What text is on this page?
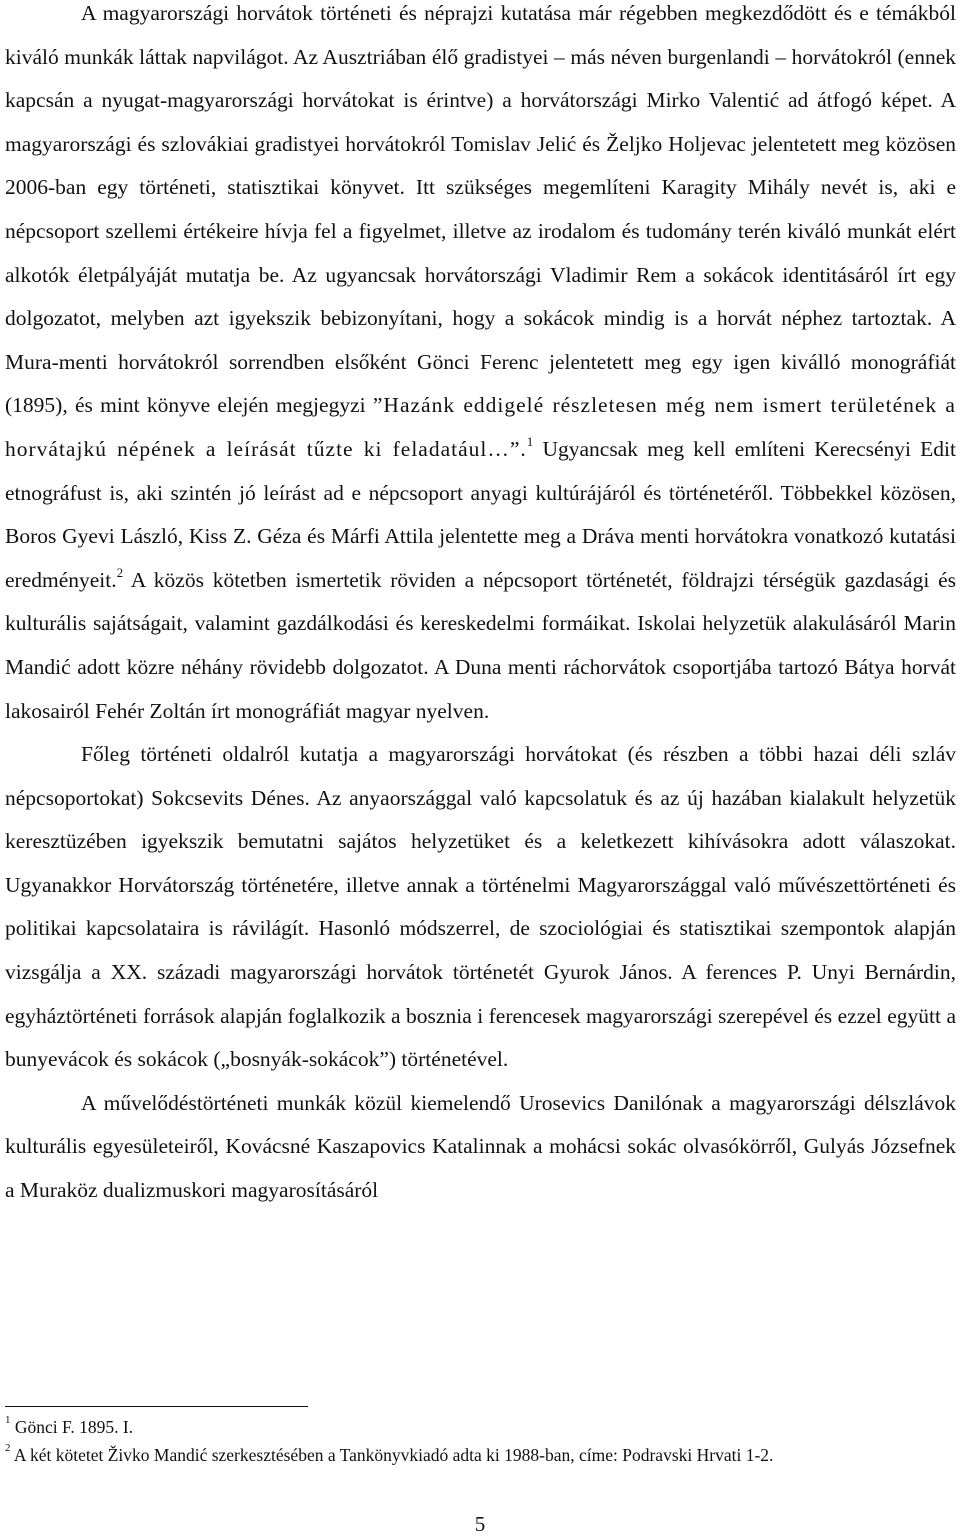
A magyarországi horvátok történeti és néprajzi kutatása már régebben megkezdődött és e témákból kiváló munkák láttak napvilágot. Az Ausztriában élő gradistyei – más néven burgenlandi – horvátokról (ennek kapcsán a nyugat-magyarországi horvátokat is érintve) a horvátországi Mirko Valentić ad átfogó képet. A magyarországi és szlovákiai gradistyei horvátokról Tomislav Jelić és Željko Holjevac jelentetett meg közösen 2006-ban egy történeti, statisztikai könyvet. Itt szükséges megemlíteni Karagity Mihály nevét is, aki e népcsoport szellemi értékeire hívja fel a figyelmet, illetve az irodalom és tudomány terén kiváló munkát elért alkotók életpályáját mutatja be. Az ugyancsak horvátországi Vladimir Rem a sokácok identitásáról írt egy dolgozatot, melyben azt igyekszik bebizonyítani, hogy a sokácok mindig is a horvát néphez tartoztak. A Mura-menti horvátokról sorrendben elsőként Gönci Ferenc jelentetett meg egy igen kiválló monográfiát (1895), és mint könyve elején megjegyzi ”Hazánk eddigelé részletesen még nem ismert területének a horvátajkú népének a leírását tűzte ki feladatául…”.$^1$ Ugyancsak meg kell említeni Kerecsényi Edit etnográfust is, aki szintén jó leírást ad e népcsoport anyagi kultúrájáról és történetéről. Többekkel közösen, Boros Gyevi László, Kiss Z. Géza és Márfi Attila jelentette meg a Dráva menti horvátokra vonatkozó kutatási eredményeit.$^2$ A közös kötetben ismertetik röviden a népcsoport történetét, földrajzi térségük gazdasági és kulturális sajátságait, valamint gazdálkodási és kereskedelmi formáikat. Iskolai helyzetük alakulásáról Marin Mandić adott közre néhány rövidebb dolgozatot. A Duna menti ráchorvátok csoportjába tartozó Bátya horvát lakosairól Fehér Zoltán írt monográfiát magyar nyelven.

Főleg történeti oldalról kutatja a magyarországi horvátokat (és részben a többi hazai déli szláv népcsoportokat) Sokcsevits Dénes. Az anyaországgal való kapcsolatuk és az új hazában kialakult helyzetük keresztüzében igyekszik bemutatni sajátos helyzetüket és a keletkezett kihívásokra adott válaszokat. Ugyanakkor Horvátország történetére, illetve annak a történelmi Magyarországgal való művészettörténeti és politikai kapcsolataira is rávilágít. Hasonló módszerrel, de szociológiai és statisztikai szempontok alapján vizsgálja a XX. századi magyarországi horvátok történetét Gyurok János. A ferences P. Unyi Bernárdin, egyháztörténeti források alapján foglalkozik a bosznia i ferencesek magyarországi szerepével és ezzel együtt a bunyevácok és sokácok („bosnyák-sokácok”) történetével.

A művelődéstörténeti munkák közül kiemelendő Urosevics Danilónak a magyarországi délszlávok kulturális egyesületeiről, Kovácsné Kaszapovics Katalinnak a mohácsi sokác olvasókörről, Gulyás Józsefnek a Muraköz dualizmuskori magyarosításáról

$^1$ Gönci F. 1895. I.

$^2$ A két kötetet Živko Mandić szerkesztésében a Tankönyvkiadó adta ki 1988-ban, címe: Podravski Hrvati 1-2.

5
